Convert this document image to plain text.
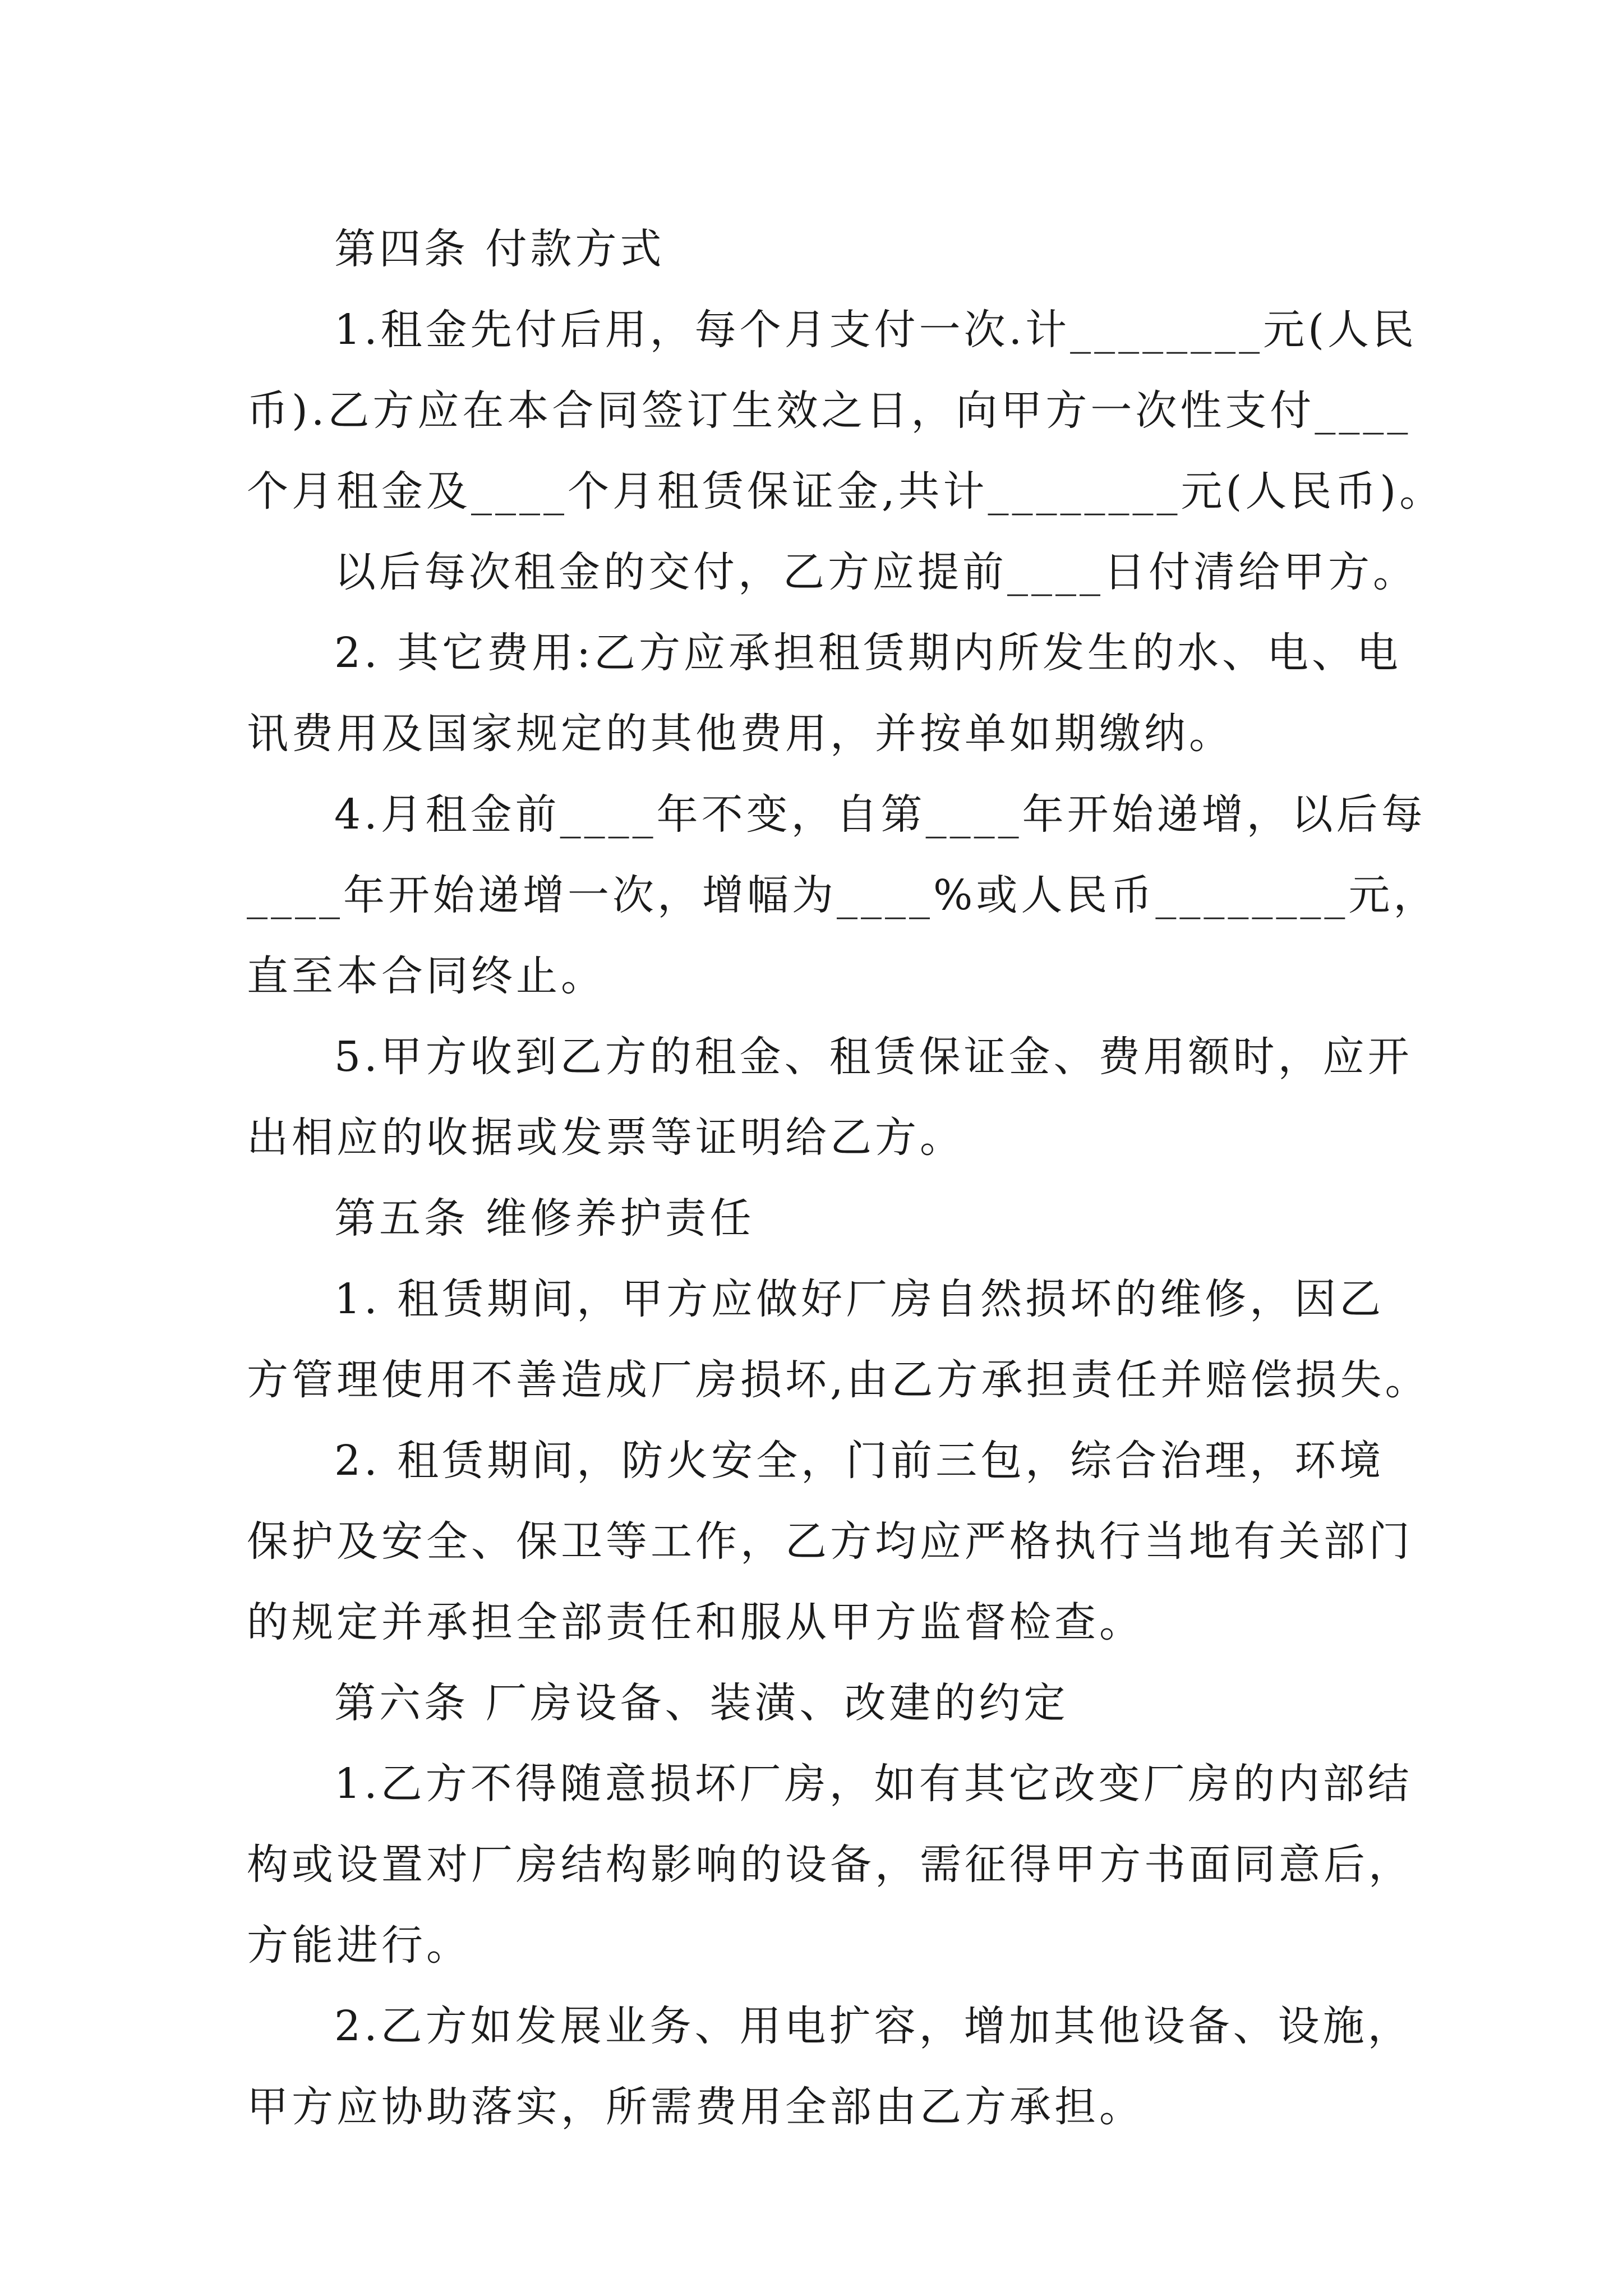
第四条 付款方式
1.租金先付后用，每个月支付一次.计________元(人民
币).乙方应在本合同签订生效之日，向甲方一次性支付____
个月租金及____个月租赁保证金,共计________元(人民币)。
以后每次租金的交付，乙方应提前____日付清给甲方。
2. 其它费用:乙方应承担租赁期内所发生的水、电、电
讯费用及国家规定的其他费用，并按单如期缴纳。
4.月租金前____年不变，自第____年开始递增，以后每
____年开始递增一次，增幅为____%或人民币________元，
直至本合同终止。
5.甲方收到乙方的租金、租赁保证金、费用额时，应开
出相应的收据或发票等证明给乙方。
第五条 维修养护责任
1. 租赁期间，甲方应做好厂房自然损坏的维修，因乙
方管理使用不善造成厂房损坏,由乙方承担责任并赔偿损失。
2. 租赁期间，防火安全，门前三包，综合治理，环境
保护及安全、保卫等工作，乙方均应严格执行当地有关部门
的规定并承担全部责任和服从甲方监督检查。
第六条 厂房设备、装潢、改建的约定
1.乙方不得随意损坏厂房，如有其它改变厂房的内部结
构或设置对厂房结构影响的设备，需征得甲方书面同意后，
方能进行。
2.乙方如发展业务、用电扩容，增加其他设备、设施，
甲方应协助落实，所需费用全部由乙方承担。
